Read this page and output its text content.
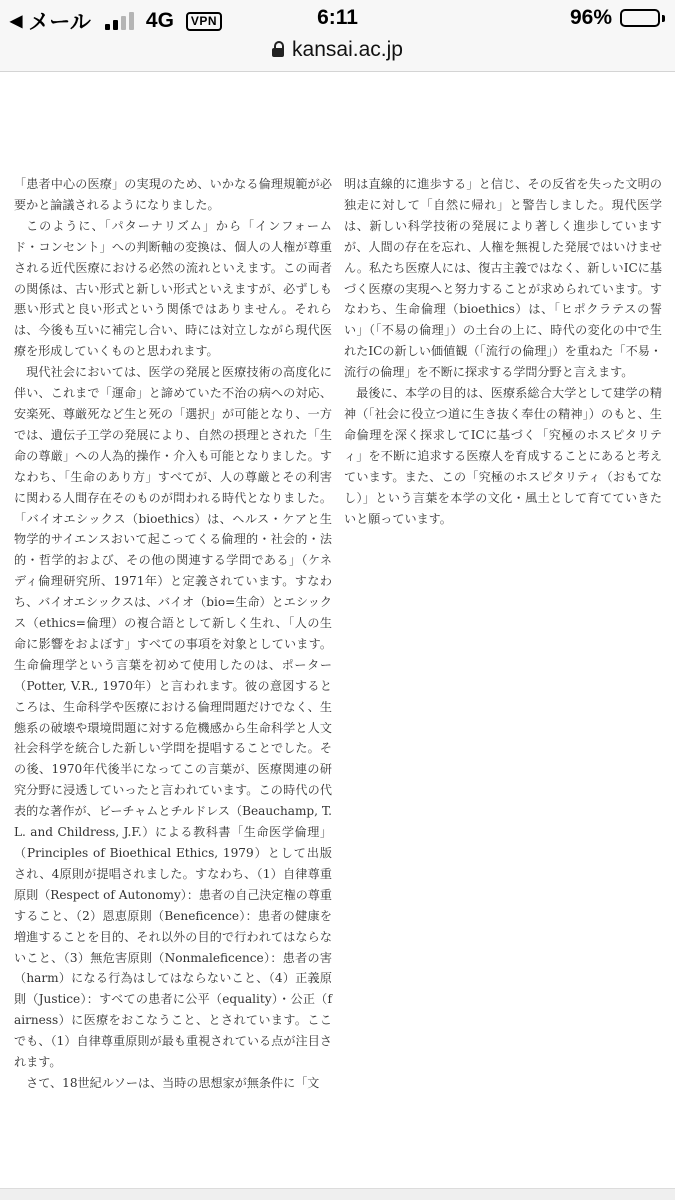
◀ メール	4G	VPN	6:11	96%
kansai.ac.jp

「患者中心の医療」の実現のため、いかなる倫理規範が必要かと論議されるようになりました。

このように、「パターナリズム」から「インフォームド・コンセント」への判断軸の変換は、個人の人権が尊重される近代医療における必然の流れといえます。この両者の関係は、古い形式と新しい形式といえますが、必ずしも悪い形式と良い形式という関係ではありません。それらは、今後も互いに補完し合い、時には対立しながら現代医療を形成していくものと思われます。

現代社会においては、医学の発展と医療技術の高度化に伴い、これまで「運命」と諦めていた不治の病への対応、安楽死、尊厳死など生と死の「選択」が可能となり、一方では、遺伝子工学の発展により、自然の摂理とされた「生命の尊厳」への人為的操作・介入も可能となりました。すなわち、「生命のあり方」すべてが、人の尊厳とその利害に関わる人間存在そのものが問われる時代となりました。「バイオエシックス（bioethics）は、ヘルス・ケアと生物学的サイエンスおいて起こってくる倫理的・社会的・法的・哲学的および、その他の関連する学問である」（ケネディ倫理研究所、1971年）と定義されています。すなわち、バイオエシックスは、バイオ（bio=生命）とエシックス（ethics=倫理）の複合語として新しく生れ、「人の生命に影響をおよぼす」すべての事項を対象としています。生命倫理学という言葉を初めて使用したのは、ポーター（Potter, V.R., 1970年）と言われます。彼の意図するところは、生命科学や医療における倫理問題だけでなく、生態系の破壊や環境問題に対する危機感から生命科学と人文社会科学を統合した新しい学問を提唱することでした。その後、1970年代後半になってこの言葉が、医療関連の研究分野に浸透していったと言われています。この時代の代表的な著作が、ビーチャムとチルドレス（Beauchamp, T.L. and Childress, J.F.）による教科書「生命医学倫理」（Principles of Bioethical Ethics, 1979）として出版され、4原則が提唱されました。すなわち、（1）自律尊重原則（Respect of Autonomy）：患者の自己決定権の尊重すること、（2）恩恵原則（Beneficence）：患者の健康を増進することを目的、それ以外の目的で行われてはならないこと、（3）無危害原則（Nonmaleficence）：患者の害（harm）になる行為はしてはならないこと、（4）正義原則（Justice）：すべての患者に公平（equality）・公正（fairness）に医療をおこなうこと、とされています。ここでも、（1）自律尊重原則が最も重視されている点が注目されます。

さて、18世紀ルソーは、当時の思想家が無条件に「文

明は直線的に進歩する」と信じ、その反省を失った文明の独走に対して「自然に帰れ」と警告しました。現代医学は、新しい科学技術の発展により著しく進歩していますが、人間の存在を忘れ、人権を無視した発展ではいけません。私たち医療人には、復古主義ではなく、新しいICに基づく医療の実現へと努力することが求められています。すなわち、生命倫理（bioethics）は、「ヒポクラテスの誓い」（「不易の倫理」）の土台の上に、時代の変化の中で生れたICの新しい価値観（「流行の倫理」）を重ねた「不易・流行の倫理」を不断に探求する学問分野と言えます。

最後に、本学の目的は、医療系総合大学として建学の精神（「社会に役立つ道に生き抜く奉仕の精神」）のもと、生命倫理を深く探求してICに基づく「究極のホスピタリティ」を不断に追求する医療人を育成することにあると考えています。また、この「究極のホスピタリティ（おもてなし）」という言葉を本学の文化・風土として育てていきたいと願っています。
